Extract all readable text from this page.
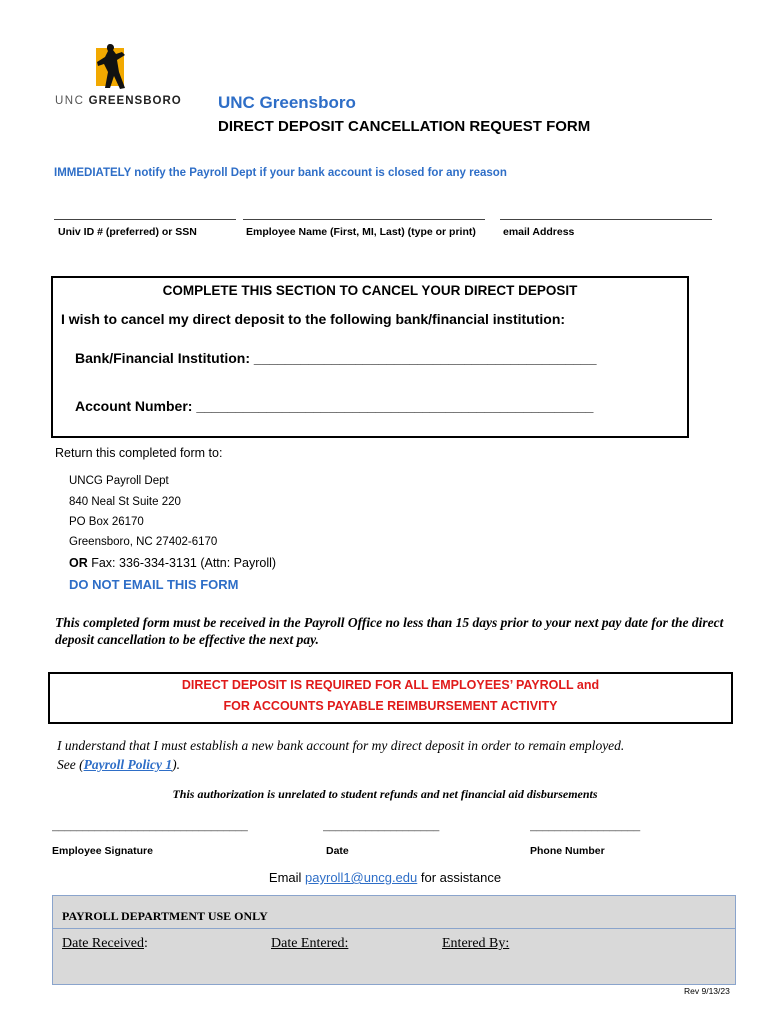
UNC GREENSBORO UNC Greensboro
DIRECT DEPOSIT CANCELLATION REQUEST FORM
IMMEDIATELY notify the Payroll Dept if your bank account is closed for any reason
Univ ID # (preferred) or SSN	Employee Name (First, MI, Last) (type or print)	email Address
COMPLETE THIS SECTION TO CANCEL YOUR DIRECT DEPOSIT
I wish to cancel my direct deposit to the following bank/financial institution:
Bank/Financial Institution: ____________________________________________
Account Number: ___________________________________________________
Return this completed form to:
UNCG Payroll Dept
840 Neal St Suite 220
PO Box 26170
Greensboro, NC 27402-6170
OR Fax: 336-334-3131 (Attn: Payroll)
DO NOT EMAIL THIS FORM
This completed form must be received in the Payroll Office no less than 15 days prior to your next pay date for the direct deposit cancellation to be effective the next pay.
DIRECT DEPOSIT IS REQUIRED FOR ALL EMPLOYEES’ PAYROLL and
FOR ACCOUNTS PAYABLE REIMBURSEMENT ACTIVITY
I understand that I must establish a new bank account for my direct deposit in order to remain employed.
See (Payroll Policy 1).
This authorization is unrelated to student refunds and net financial aid disbursements
________________________________	___________________	__________________
Employee Signature	Date	Phone Number
Email payroll1@uncg.edu for assistance
PAYROLL DEPARTMENT USE ONLY
Date Received:	Date Entered:	Entered By:
Rev 9/13/23
